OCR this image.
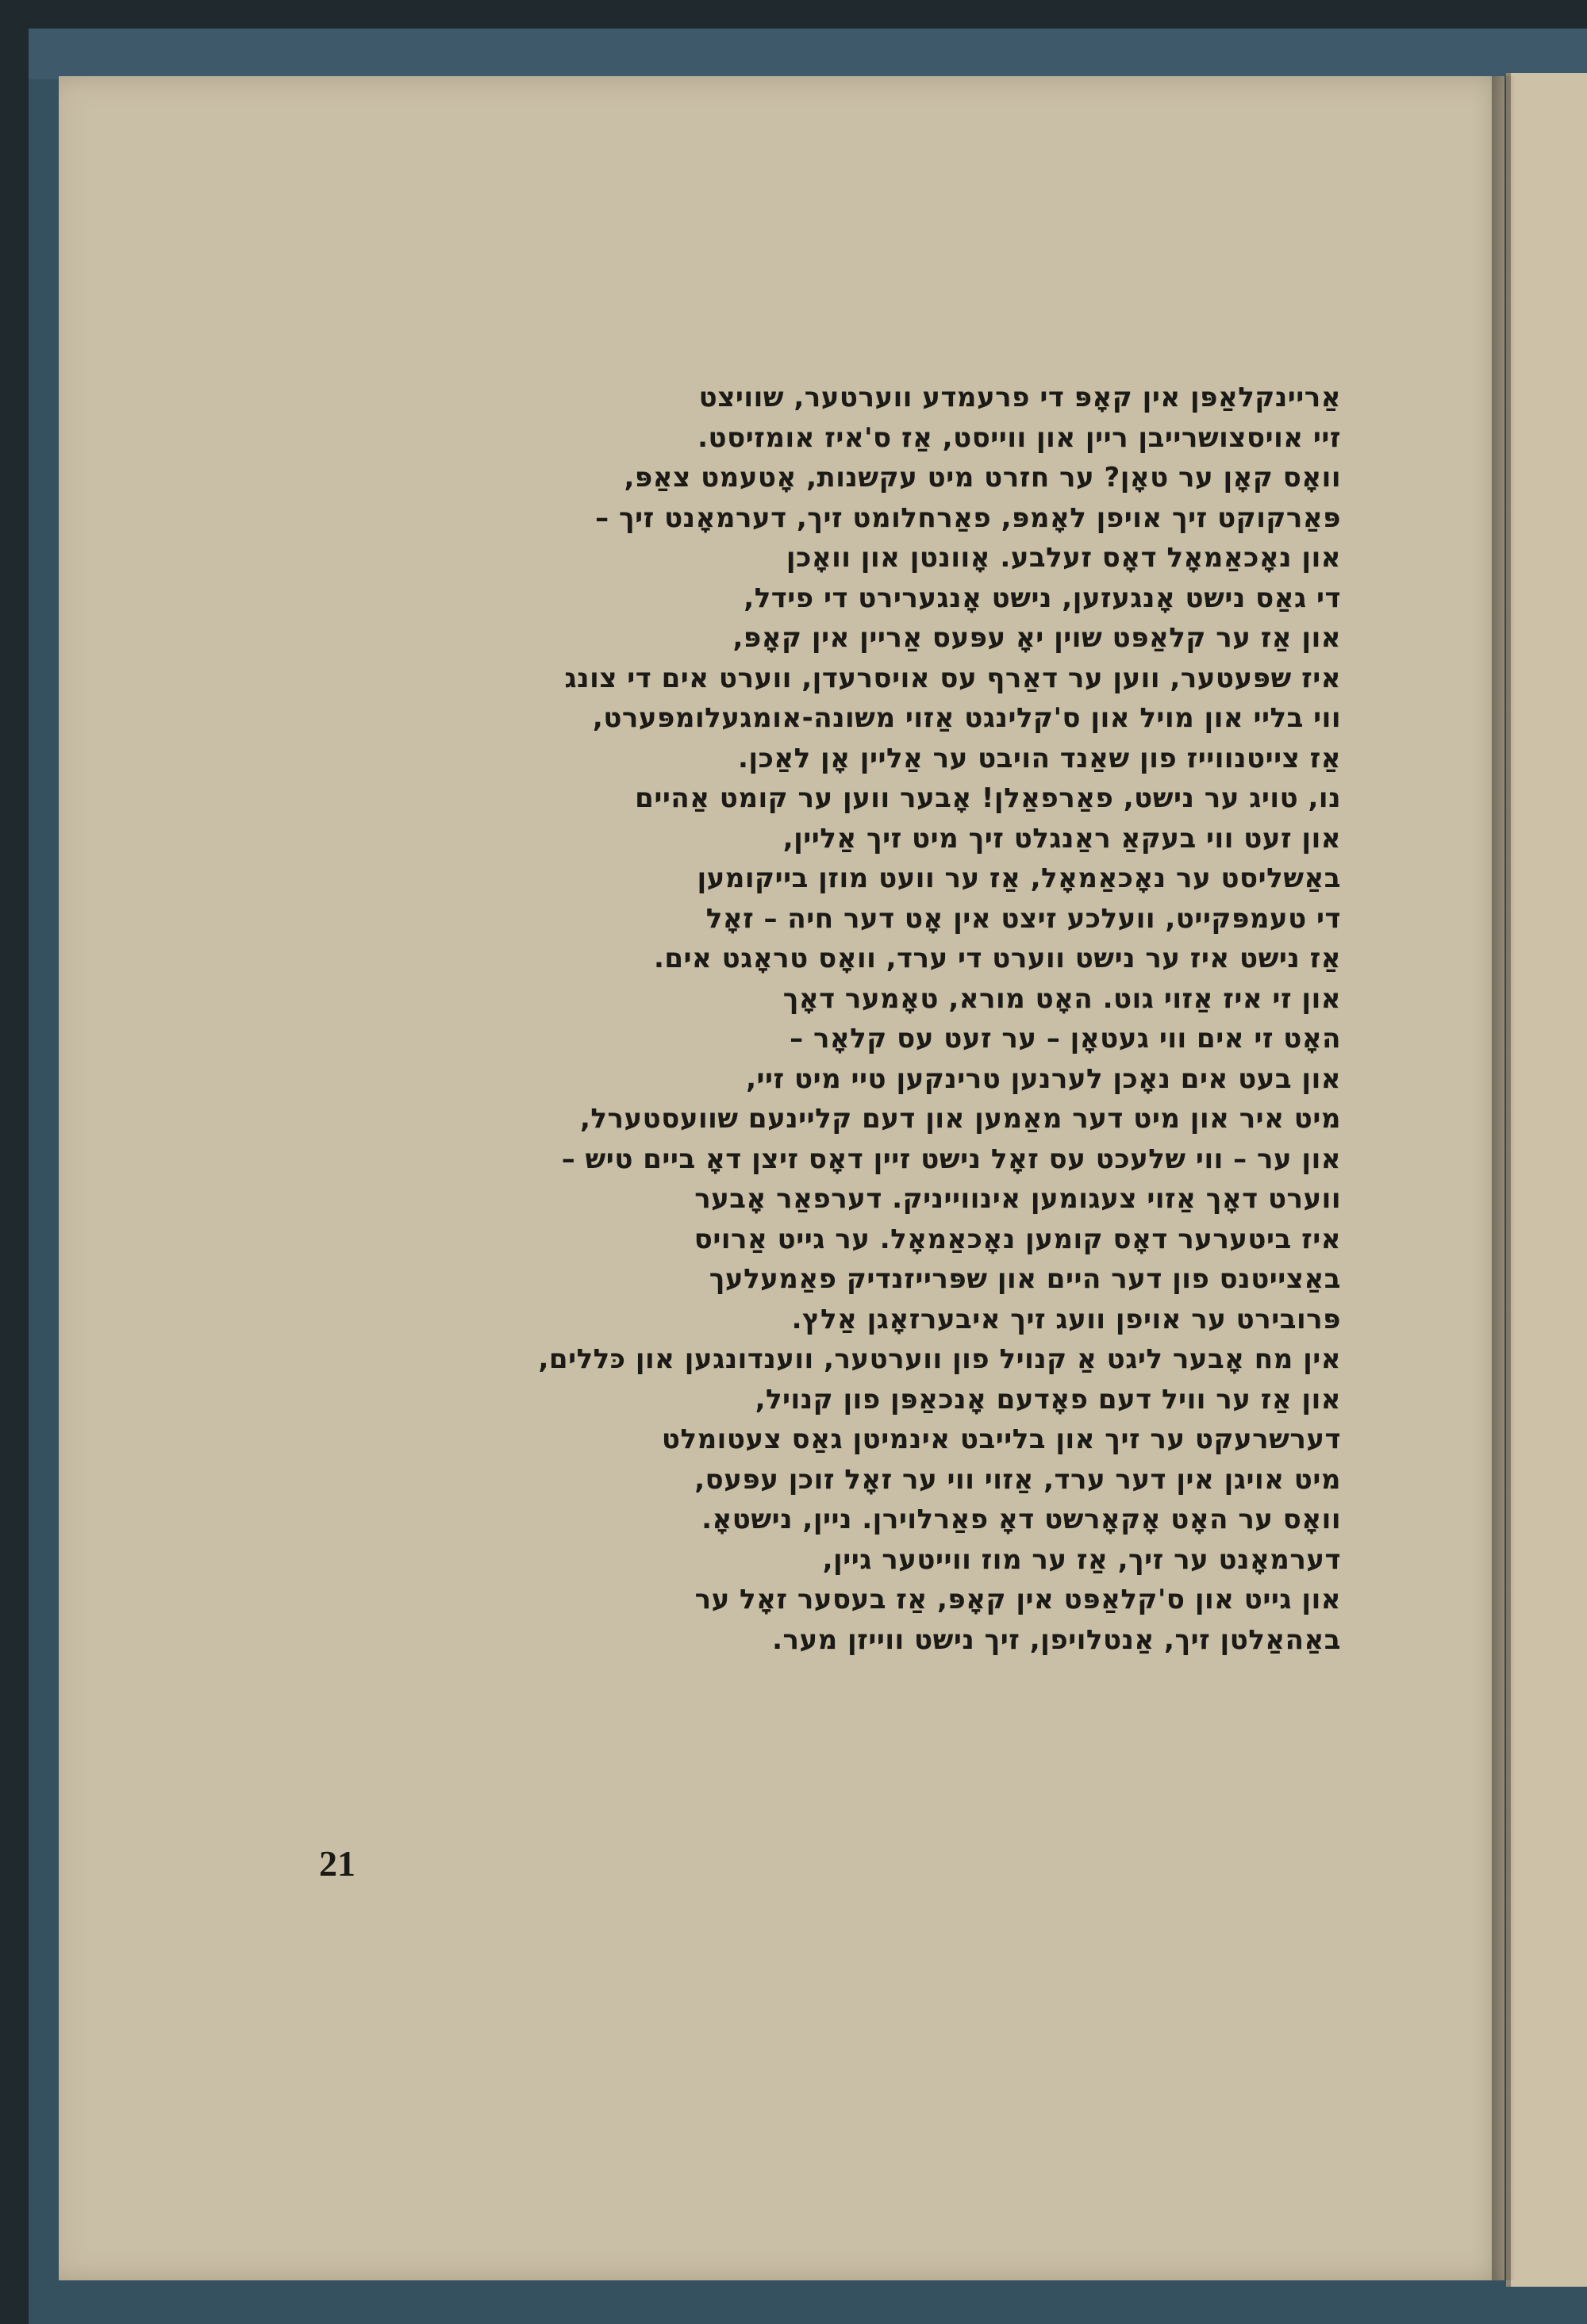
אַריינקלאַפּן אין קאָפּ די פרעמדע ווערטער, שוויצט
זיי אויסצושרייבן ריין און ווייסט, אַז ס'איז אומזיסט.
וואָס קאָן ער טאָן? ער חזרט מיט עקשנות, אָטעמט צאַפּ,
פּאַרקוקט זיך אויפן לאָמפּ, פאַרחלומט זיך, דערמאָנט זיך –
און נאָכאַמאָל דאָס זעלבע. אָוונטן און וואָכן
די גאַס נישט אָנגעזען, נישט אָנגערירט די פידל,
און אַז ער קלאַפּט שוין יאָ עפּעס אַריין אין קאָפּ,
איז שפּעטער, ווען ער דאַרף עס אויסרעדן, ווערט אים די צונג
ווי בליי און מויל און ס'קלינגט אַזוי משונה-אומגעלומפּערט,
אַז צייטנווייז פון שאַנד הויבט ער אַליין אָן לאַכן.
נו, טויג ער נישט, פאַרפאַלן! אָבער ווען ער קומט אַהיים
און זעט ווי בעקאַ ראַנגלט זיך מיט זיך אַליין,
באַשליסט ער נאָכאַמאָל, אַז ער וועט מוזן בייקומען
די טעמפּקייט, וועלכע זיצט אין אָט דער חיה – זאָל
אַז נישט איז ער נישט ווערט די ערד, וואָס טראָגט אים.
און זי איז אַזוי גוט. האָט מורא, טאָמער דאָך
האָט זי אים ווי געטאָן – ער זעט עס קלאָר –
און בעט אים נאָכן לערנען טרינקען טיי מיט זיי,
מיט איר און מיט דער מאַמען און דעם קליינעם שוועסטערל,
און ער – ווי שלעכט עס זאָל נישט זיין דאָס זיצן דאָ ביים טיש –
ווערט דאָך אַזוי צעגומען אינווייניק. דערפאַר אָבער
איז ביטערער דאָס קומען נאָכאַמאָל. ער גייט אַרויס
באַצייטנס פון דער היים און שפּרייזנדיק פאַמעלעך
פּרובירט ער אויפן וועג זיך איבערזאָגן אַלץ.
אין מח אָבער ליגט אַ קנויל פון ווערטער, ווענדונגען און כּללים,
און אַז ער וויל דעם פאָדעם אָנכאַפּן פון קנויל,
דערשרעקט ער זיך און בלייבט אינמיטן גאַס צעטומלט
מיט אויגן אין דער ערד, אַזוי ווי ער זאָל זוכן עפּעס,
וואָס ער האָט אָקאָרשט דאָ פאַרלוירן. ניין, נישטאָ.
דערמאָנט ער זיך, אַז ער מוז ווייטער גיין,
און גייט און ס'קלאַפּט אין קאָפּ, אַז בעסער זאָל ער
באַהאַלטן זיך, אַנטלויפן, זיך נישט ווייזן מער.
21
